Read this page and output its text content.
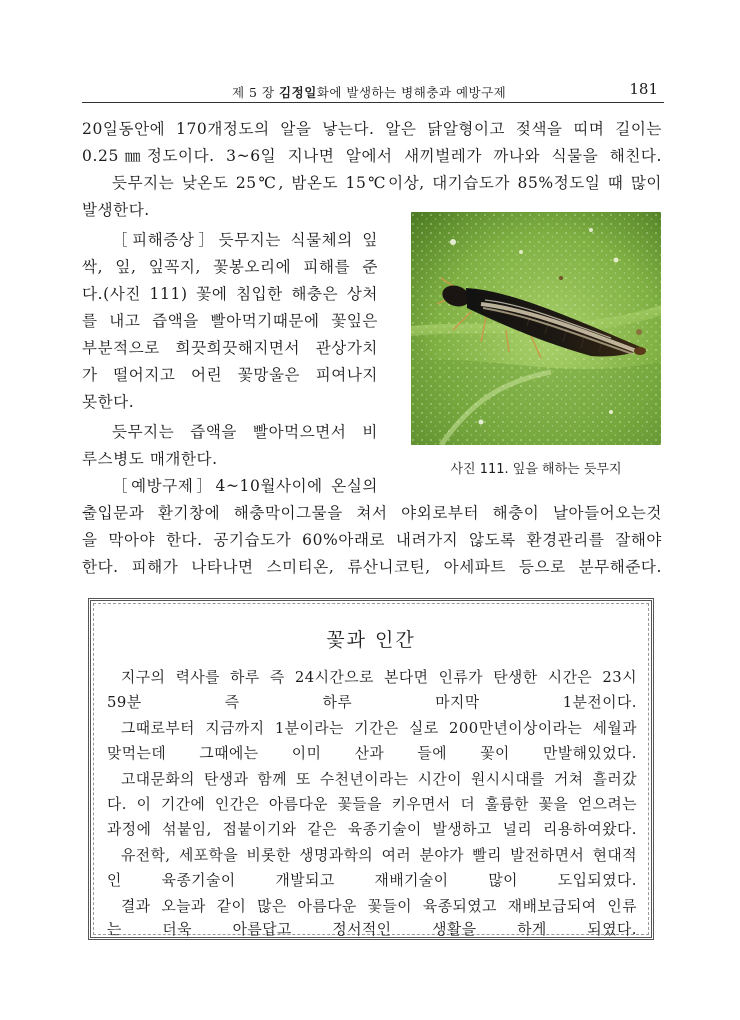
제 5 장 김정일화에 발생하는 병해충과 예방구제	181
20일동안에 170개정도의 알을 낳는다. 알은 닭알형이고 젖색을 띠며 길이는
0.25㎜정도이다. 3~6일 지나면 알에서 새끼벌레가 까나와 식물을 해친다.
듯무지는 낮온도 25℃, 밤온도 15℃이상, 대기습도가 85%정도일 때 많이
발생한다.
［피해증상］듯무지는 식물체의 잎
싹, 잎, 잎꼭지, 꽃봉오리에 피해를 준
다.(사진 111) 꽃에 침입한 해충은 상처
를 내고 즙액을 빨아먹기때문에 꽃잎은
부분적으로 희끗희끗해지면서 관상가치
가 떨어지고 어린 꽃망울은 피여나지
못한다.
듯무지는 즙액을 빨아먹으면서 비
루스병도 매개한다.
［예방구제］4~10월사이에 온실의
출입문과 환기창에 해충막이그물을 쳐서 야외로부터 해충이 날아들어오는것
을 막아야 한다. 공기습도가 60%아래로 내려가지 않도록 환경관리를 잘해야
한다. 피해가 나타나면 스미티온, 류산니코틴, 아세파트 등으로 분무해준다.
사진 111. 잎을 해하는 듯무지
꽃과 인간
지구의 력사를 하루 즉 24시간으로 본다면 인류가 탄생한 시간은 23시
59분 즉 하루 마지막 1분전이다.
그때로부터 지금까지 1분이라는 기간은 실로 200만년이상이라는 세월과
맞먹는데 그때에는 이미 산과 들에 꽃이 만발해있었다.
고대문화의 탄생과 함께 또 수천년이라는 시간이 원시시대를 거쳐 흘러갔
다. 이 기간에 인간은 아름다운 꽃들을 키우면서 더 훌륭한 꽃을 얻으려는
과정에 섞붙임, 접붙이기와 같은 육종기술이 발생하고 널리 리용하여왔다.
유전학, 세포학을 비롯한 생명과학의 여러 분야가 빨리 발전하면서 현대적
인 육종기술이 개발되고 재배기술이 많이 도입되였다.
결과 오늘과 같이 많은 아름다운 꽃들이 육종되였고 재배보급되여 인류
는 더욱 아름답고 정서적인 생활을 하게 되였다.
